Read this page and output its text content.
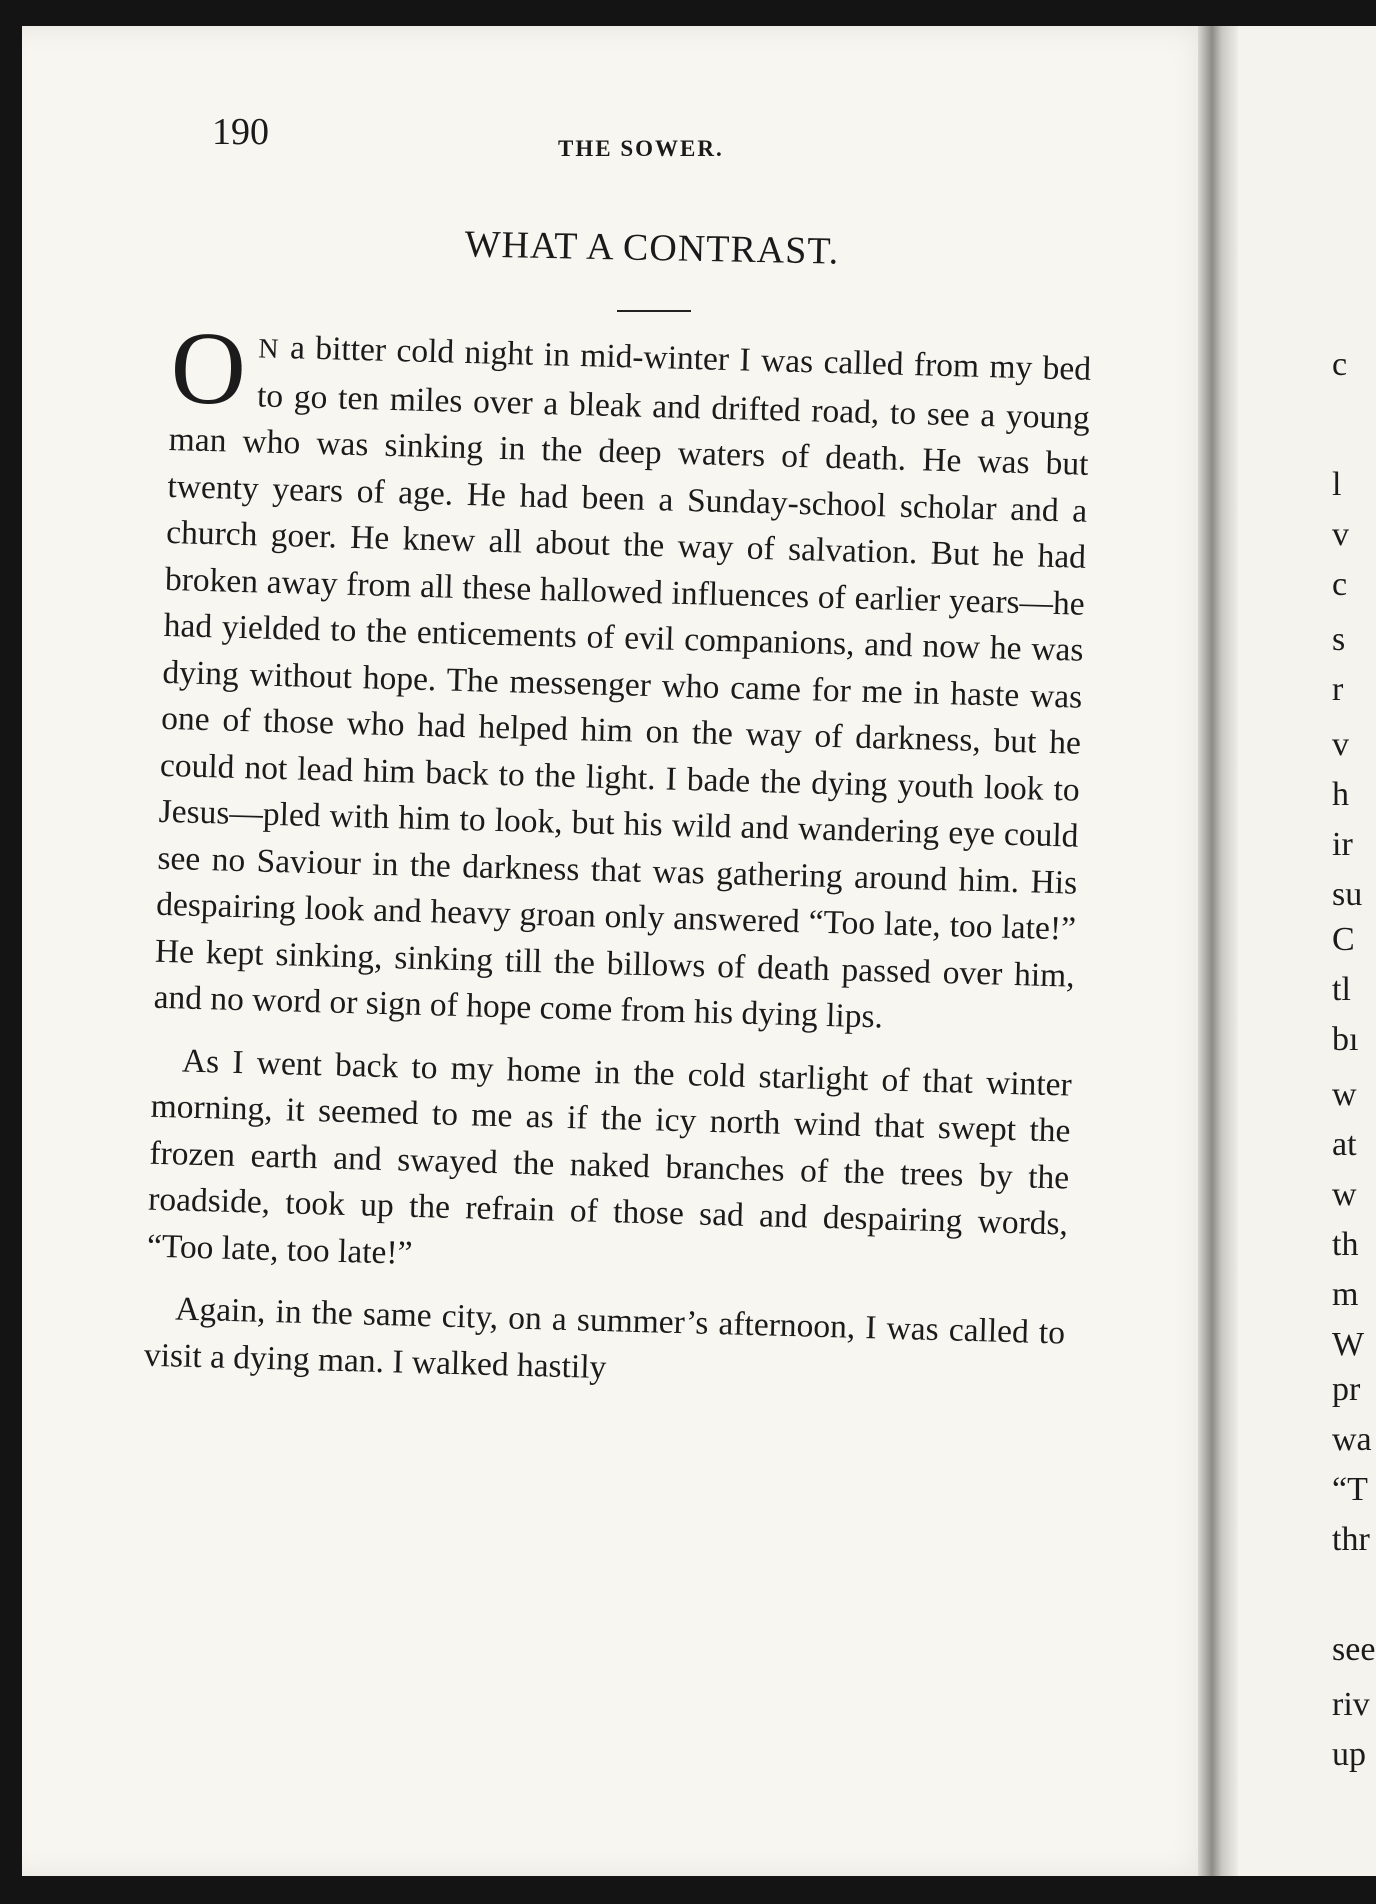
190	THE SOWER.
WHAT A CONTRAST.

O N a bitter cold night in mid-winter I was called from my bed to go ten miles over a bleak and drifted road, to see a young man who was sinking in the deep waters of death. He was but twenty years of age. He had been a Sunday-school scholar and a church goer. He knew all about the way of salvation. But he had broken away from all these hallowed influences of earlier years—he had yielded to the enticements of evil companions, and now he was dying without hope. The messenger who came for me in haste was one of those who had helped him on the way of darkness, but he could not lead him back to the light. I bade the dying youth look to Jesus—pled with him to look, but his wild and wandering eye could see no Saviour in the darkness that was gathering around him. His despairing look and heavy groan only answered “Too late, too late!” He kept sinking, sinking till the billows of death passed over him, and no word or sign of hope come from his dying lips.

As I went back to my home in the cold starlight of that winter morning, it seemed to me as if the icy north wind that swept the frozen earth and swayed the naked branches of the trees by the roadside, took up the refrain of those sad and despairing words, “Too late, too late!”

Again, in the same city, on a summer’s afternoon, I was called to visit a dying man. I walked hastily

c
l
v
c
s
r
v
h
ir
su
C
tl
bı
w
at
w
th
m
W
pr
wa
“T
thr
see
riv
up
